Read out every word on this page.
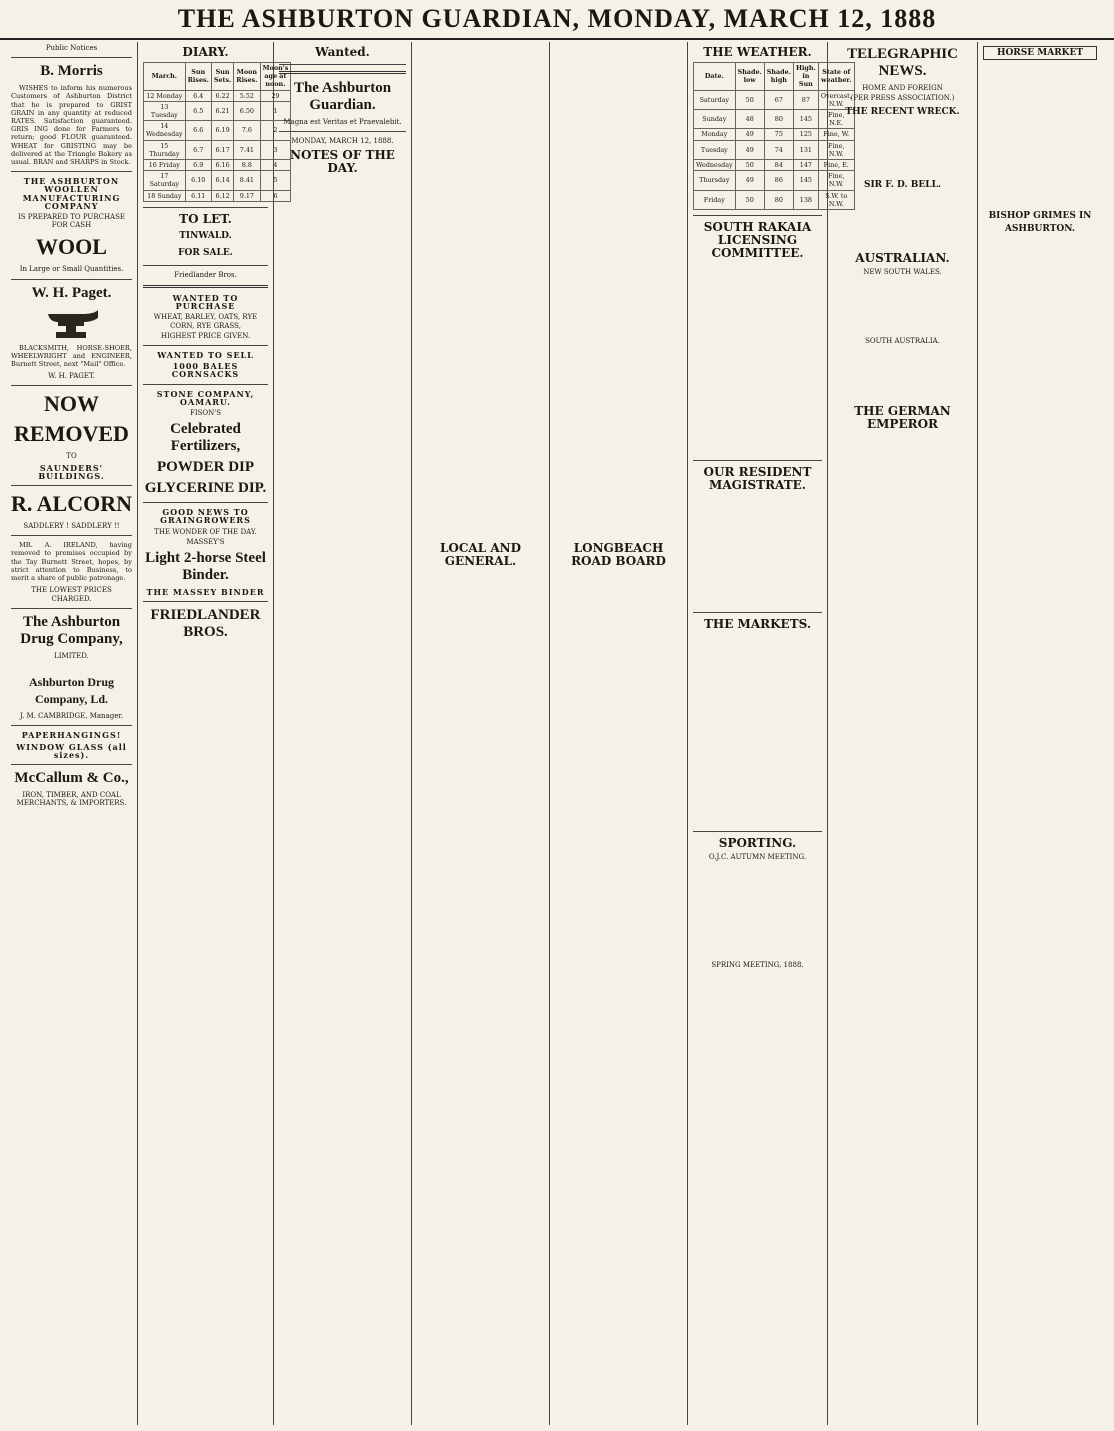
THE ASHBURTON GUARDIAN, MONDAY, MARCH 12, 1888
Public Notices
B. Morris

WISHES to inform his numerous Customers of Ashburton District that he is prepared to GRIST GRAIN in any quantity at reduced RATES. Satisfaction guaranteed. GRIS ING done for Farmers to return; good FLOUR guaranteed. WHEAT for GRISTING may be delivered at the Triangle Bakery as usual. BRAN and SHARPS in Stock.

THE ASHBURTON WOOLLEN MANUFACTURING COMPANY
IS PREPARED TO PURCHASE FOR CASH
WOOL
In Large or Small Quantities.
W. H. Paget.

BLACKSMITH, HORSE-SHOER, WHEELWRIGHT and ENGINEER, Burnett Street, next "Mail" Office.

W. H. PAGET.
NOW
REMOVED
TO
SAUNDERS' BUILDINGS.
R. ALCORN
SADDLERY ! SADDLERY !!

MR. A. IRELAND, having removed to premises occupied by the Tay Burnett Street, hopes, by strict attention to Business, to merit a share of public patronage.

THE LOWEST PRICES CHARGED.
The Ashburton Drug Company,
LIMITED.

Ashburton Drug Company, Ld.
J. M. CAMBRIDGE, Manager.
PAPERHANGINGS!
WINDOW GLASS (all sizes).
McCallum & Co.,
IRON, TIMBER, AND COAL MERCHANTS, & IMPORTERS.
DIARY.
March.	Sun Rises.	Sun Sets.	Moon Rises.	Moon's age at noon.
12 Monday	6.4	6.22	5.52	29
13 Tuesday	6.5	6.21	6.50	1
14 Wednesday	6.6	6.19	7.6	2
15 Thursday	6.7	6.17	7.41	3
16 Friday	6.9	6.16	8.8	4
17 Saturday	6.10	6.14	8.41	5
18 Sunday	6.11	6.12	9.17	6
TO LET.
TINWALD.
FOR SALE.
Friedlander Bros.
WANTED TO PURCHASE
WHEAT, BARLEY, OATS, RYE CORN, RYE GRASS,
HIGHEST PRICE GIVEN.
WANTED TO SELL
1000 BALES CORNSACKS
STONE COMPANY, OAMARU.
FISON'S
Celebrated Fertilizers,
POWDER DIP
GLYCERINE DIP.
GOOD NEWS TO GRAINGROWERS
THE WONDER OF THE DAY.
MASSEY'S
Light 2-horse Steel Binder.
THE MASSEY BINDER
FRIEDLANDER BROS.
Wanted.
The Ashburton Guardian.
Magna est Veritas et Praevalebit.
MONDAY, MARCH 12, 1888.
NOTES OF THE DAY.
LOCAL AND GENERAL.
LONGBEACH ROAD BOARD
THE WEATHER.
Date.	Shade. low	Shade. high	High. in Sun	State of weather.
Saturday	50	67	87	Overcast, N.W.
Sunday	48	80	145	Fine, N.E.
Monday	49	75	125	Fine, W.
Tuesday	49	74	131	Fine, N.W.
Wednesday	50	84	147	Fine, E.
Thursday	49	86	145	Fine, N.W.
Friday	50	80	138	S.W. to N.W.
SOUTH RAKAIA LICENSING COMMITTEE.
OUR RESIDENT MAGISTRATE.
THE MARKETS.
SPORTING.
O.J.C. AUTUMN MEETING.
SPRING MEETING, 1888.
TELEGRAPHIC NEWS.
HOME AND FOREIGN
(PER PRESS ASSOCIATION.)
THE RECENT WRECK.
SIR F. D. BELL.
AUSTRALIAN.
NEW SOUTH WALES.
SOUTH AUSTRALIA.
THE GERMAN EMPEROR
HORSE MARKET
BISHOP GRIMES IN ASHBURTON.
